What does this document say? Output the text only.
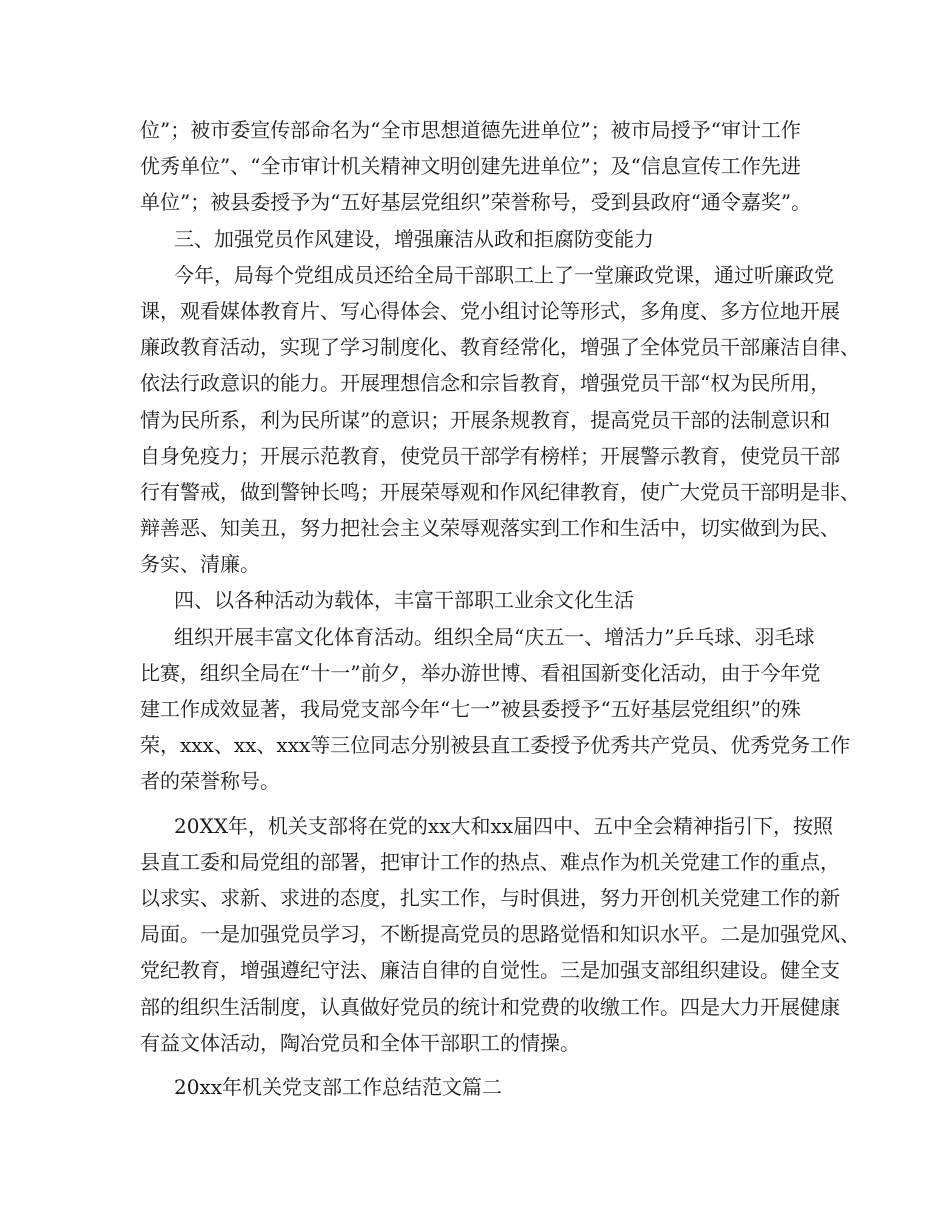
位”；被市委宣传部命名为“全市思想道德先进单位”；被市局授予“审计工作
优秀单位”、“全市审计机关精神文明创建先进单位”；及“信息宣传工作先进
单位”；被县委授予为“五好基层党组织”荣誉称号，受到县政府“通令嘉奖”。
三、加强党员作风建设，增强廉洁从政和拒腐防变能力
今年，局每个党组成员还给全局干部职工上了一堂廉政党课，通过听廉政党
课，观看媒体教育片、写心得体会、党小组讨论等形式，多角度、多方位地开展
廉政教育活动，实现了学习制度化、教育经常化，增强了全体党员干部廉洁自律、
依法行政意识的能力。开展理想信念和宗旨教育，增强党员干部“权为民所用，
情为民所系，利为民所谋”的意识；开展条规教育，提高党员干部的法制意识和
自身免疫力；开展示范教育，使党员干部学有榜样；开展警示教育，使党员干部
行有警戒，做到警钟长鸣；开展荣辱观和作风纪律教育，使广大党员干部明是非、
辩善恶、知美丑，努力把社会主义荣辱观落实到工作和生活中，切实做到为民、
务实、清廉。
四、以各种活动为载体，丰富干部职工业余文化生活
组织开展丰富文化体育活动。组织全局“庆五一、增活力”乒乓球、羽毛球
比赛，组织全局在“十一”前夕，举办游世博、看祖国新变化活动，由于今年党
建工作成效显著，我局党支部今年“七一”被县委授予“五好基层党组织”的殊
荣，xxx、xx、xxx等三位同志分别被县直工委授予优秀共产党员、优秀党务工作
者的荣誉称号。
20XX年，机关支部将在党的xx大和xx届四中、五中全会精神指引下，按照
县直工委和局党组的部署，把审计工作的热点、难点作为机关党建工作的重点，
以求实、求新、求进的态度，扎实工作，与时俱进，努力开创机关党建工作的新
局面。一是加强党员学习，不断提高党员的思路觉悟和知识水平。二是加强党风、
党纪教育，增强遵纪守法、廉洁自律的自觉性。三是加强支部组织建设。健全支
部的组织生活制度，认真做好党员的统计和党费的收缴工作。四是大力开展健康
有益文体活动，陶冶党员和全体干部职工的情操。
20xx年机关党支部工作总结范文篇二
